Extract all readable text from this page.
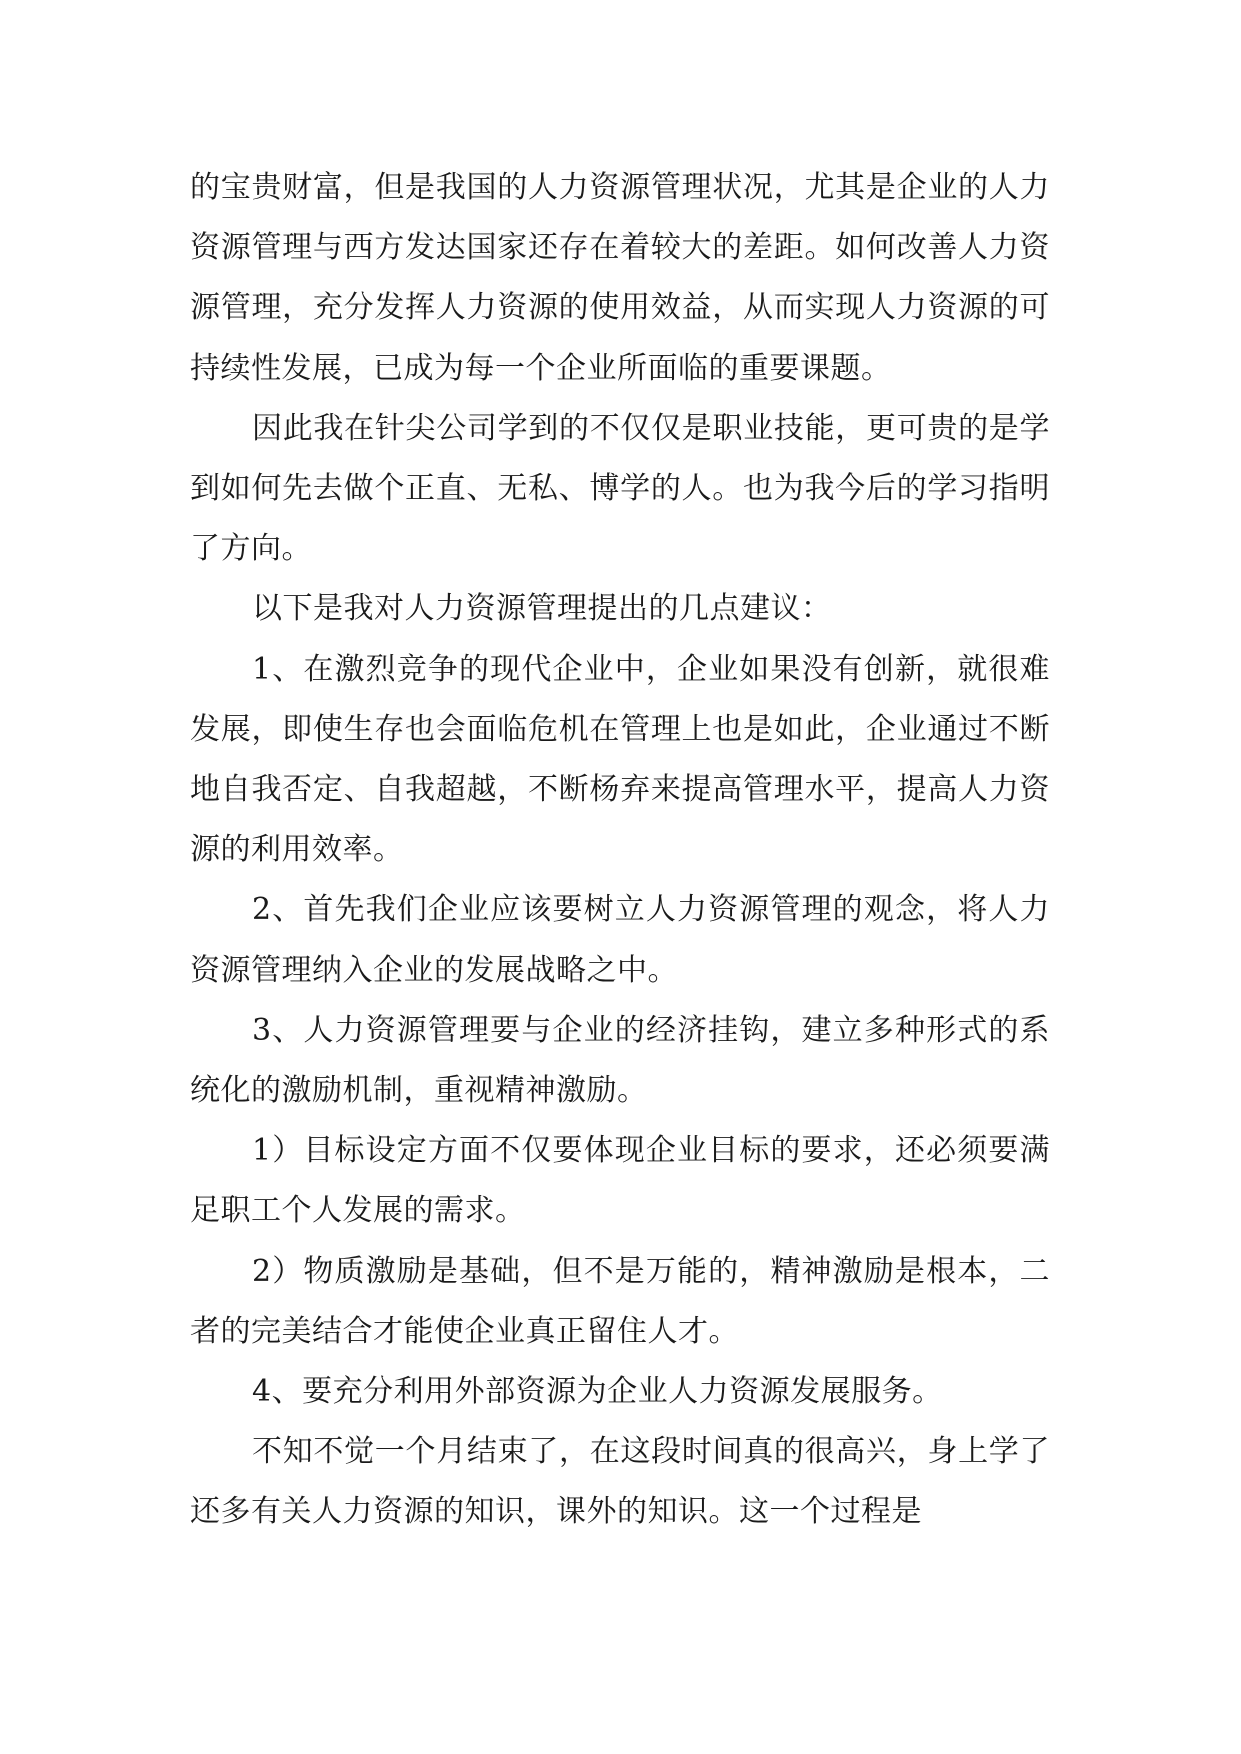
的宝贵财富，但是我国的人力资源管理状况，尤其是企业的人力资源管理与西方发达国家还存在着较大的差距。如何改善人力资源管理，充分发挥人力资源的使用效益，从而实现人力资源的可持续性发展，已成为每一个企业所面临的重要课题。

因此我在针尖公司学到的不仅仅是职业技能，更可贵的是学到如何先去做个正直、无私、博学的人。也为我今后的学习指明了方向。

以下是我对人力资源管理提出的几点建议：

1、在激烈竞争的现代企业中，企业如果没有创新，就很难发展，即使生存也会面临危机在管理上也是如此，企业通过不断地自我否定、自我超越，不断杨弃来提高管理水平，提高人力资源的利用效率。

2、首先我们企业应该要树立人力资源管理的观念，将人力资源管理纳入企业的发展战略之中。

3、人力资源管理要与企业的经济挂钩，建立多种形式的系统化的激励机制，重视精神激励。

1）目标设定方面不仅要体现企业目标的要求，还必须要满足职工个人发展的需求。

2）物质激励是基础，但不是万能的，精神激励是根本，二者的完美结合才能使企业真正留住人才。

4、要充分利用外部资源为企业人力资源发展服务。

不知不觉一个月结束了，在这段时间真的很高兴，身上学了还多有关人力资源的知识，课外的知识。这一个过程是
